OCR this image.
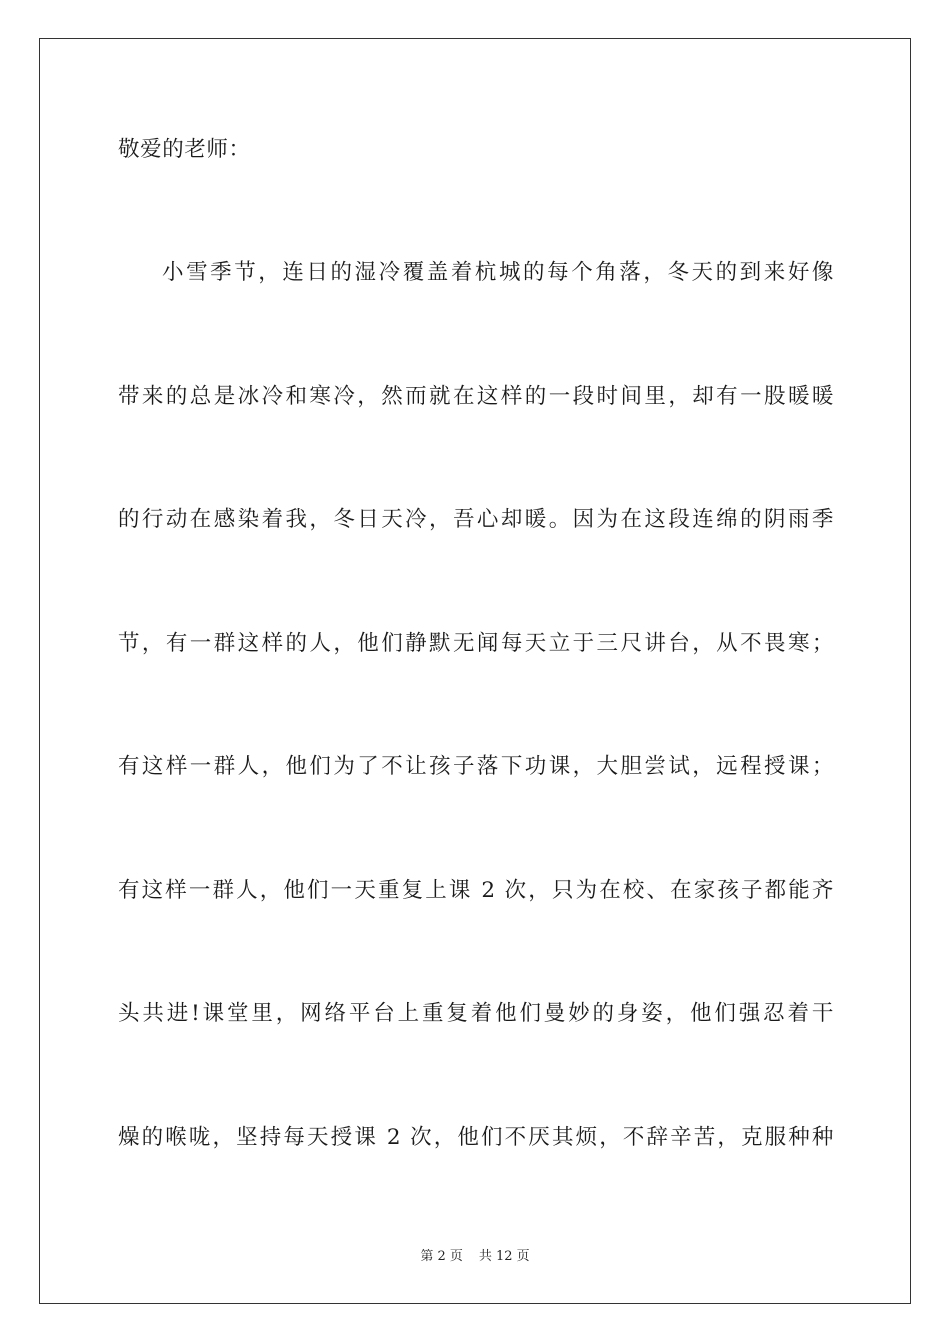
敬爱的老师：
小雪季节，连日的湿冷覆盖着杭城的每个角落，冬天的到来好像
带来的总是冰冷和寒冷，然而就在这样的一段时间里，却有一股暖暖
的行动在感染着我，冬日天冷，吾心却暖。因为在这段连绵的阴雨季
节，有一群这样的人，他们静默无闻每天立于三尺讲台，从不畏寒；
有这样一群人，他们为了不让孩子落下功课，大胆尝试，远程授课；
有这样一群人，他们一天重复上课 2 次，只为在校、在家孩子都能齐
头共进!课堂里，网络平台上重复着他们曼妙的身姿，他们强忍着干
燥的喉咙，坚持每天授课 2 次，他们不厌其烦，不辞辛苦，克服种种
第 2 页 共 12 页
